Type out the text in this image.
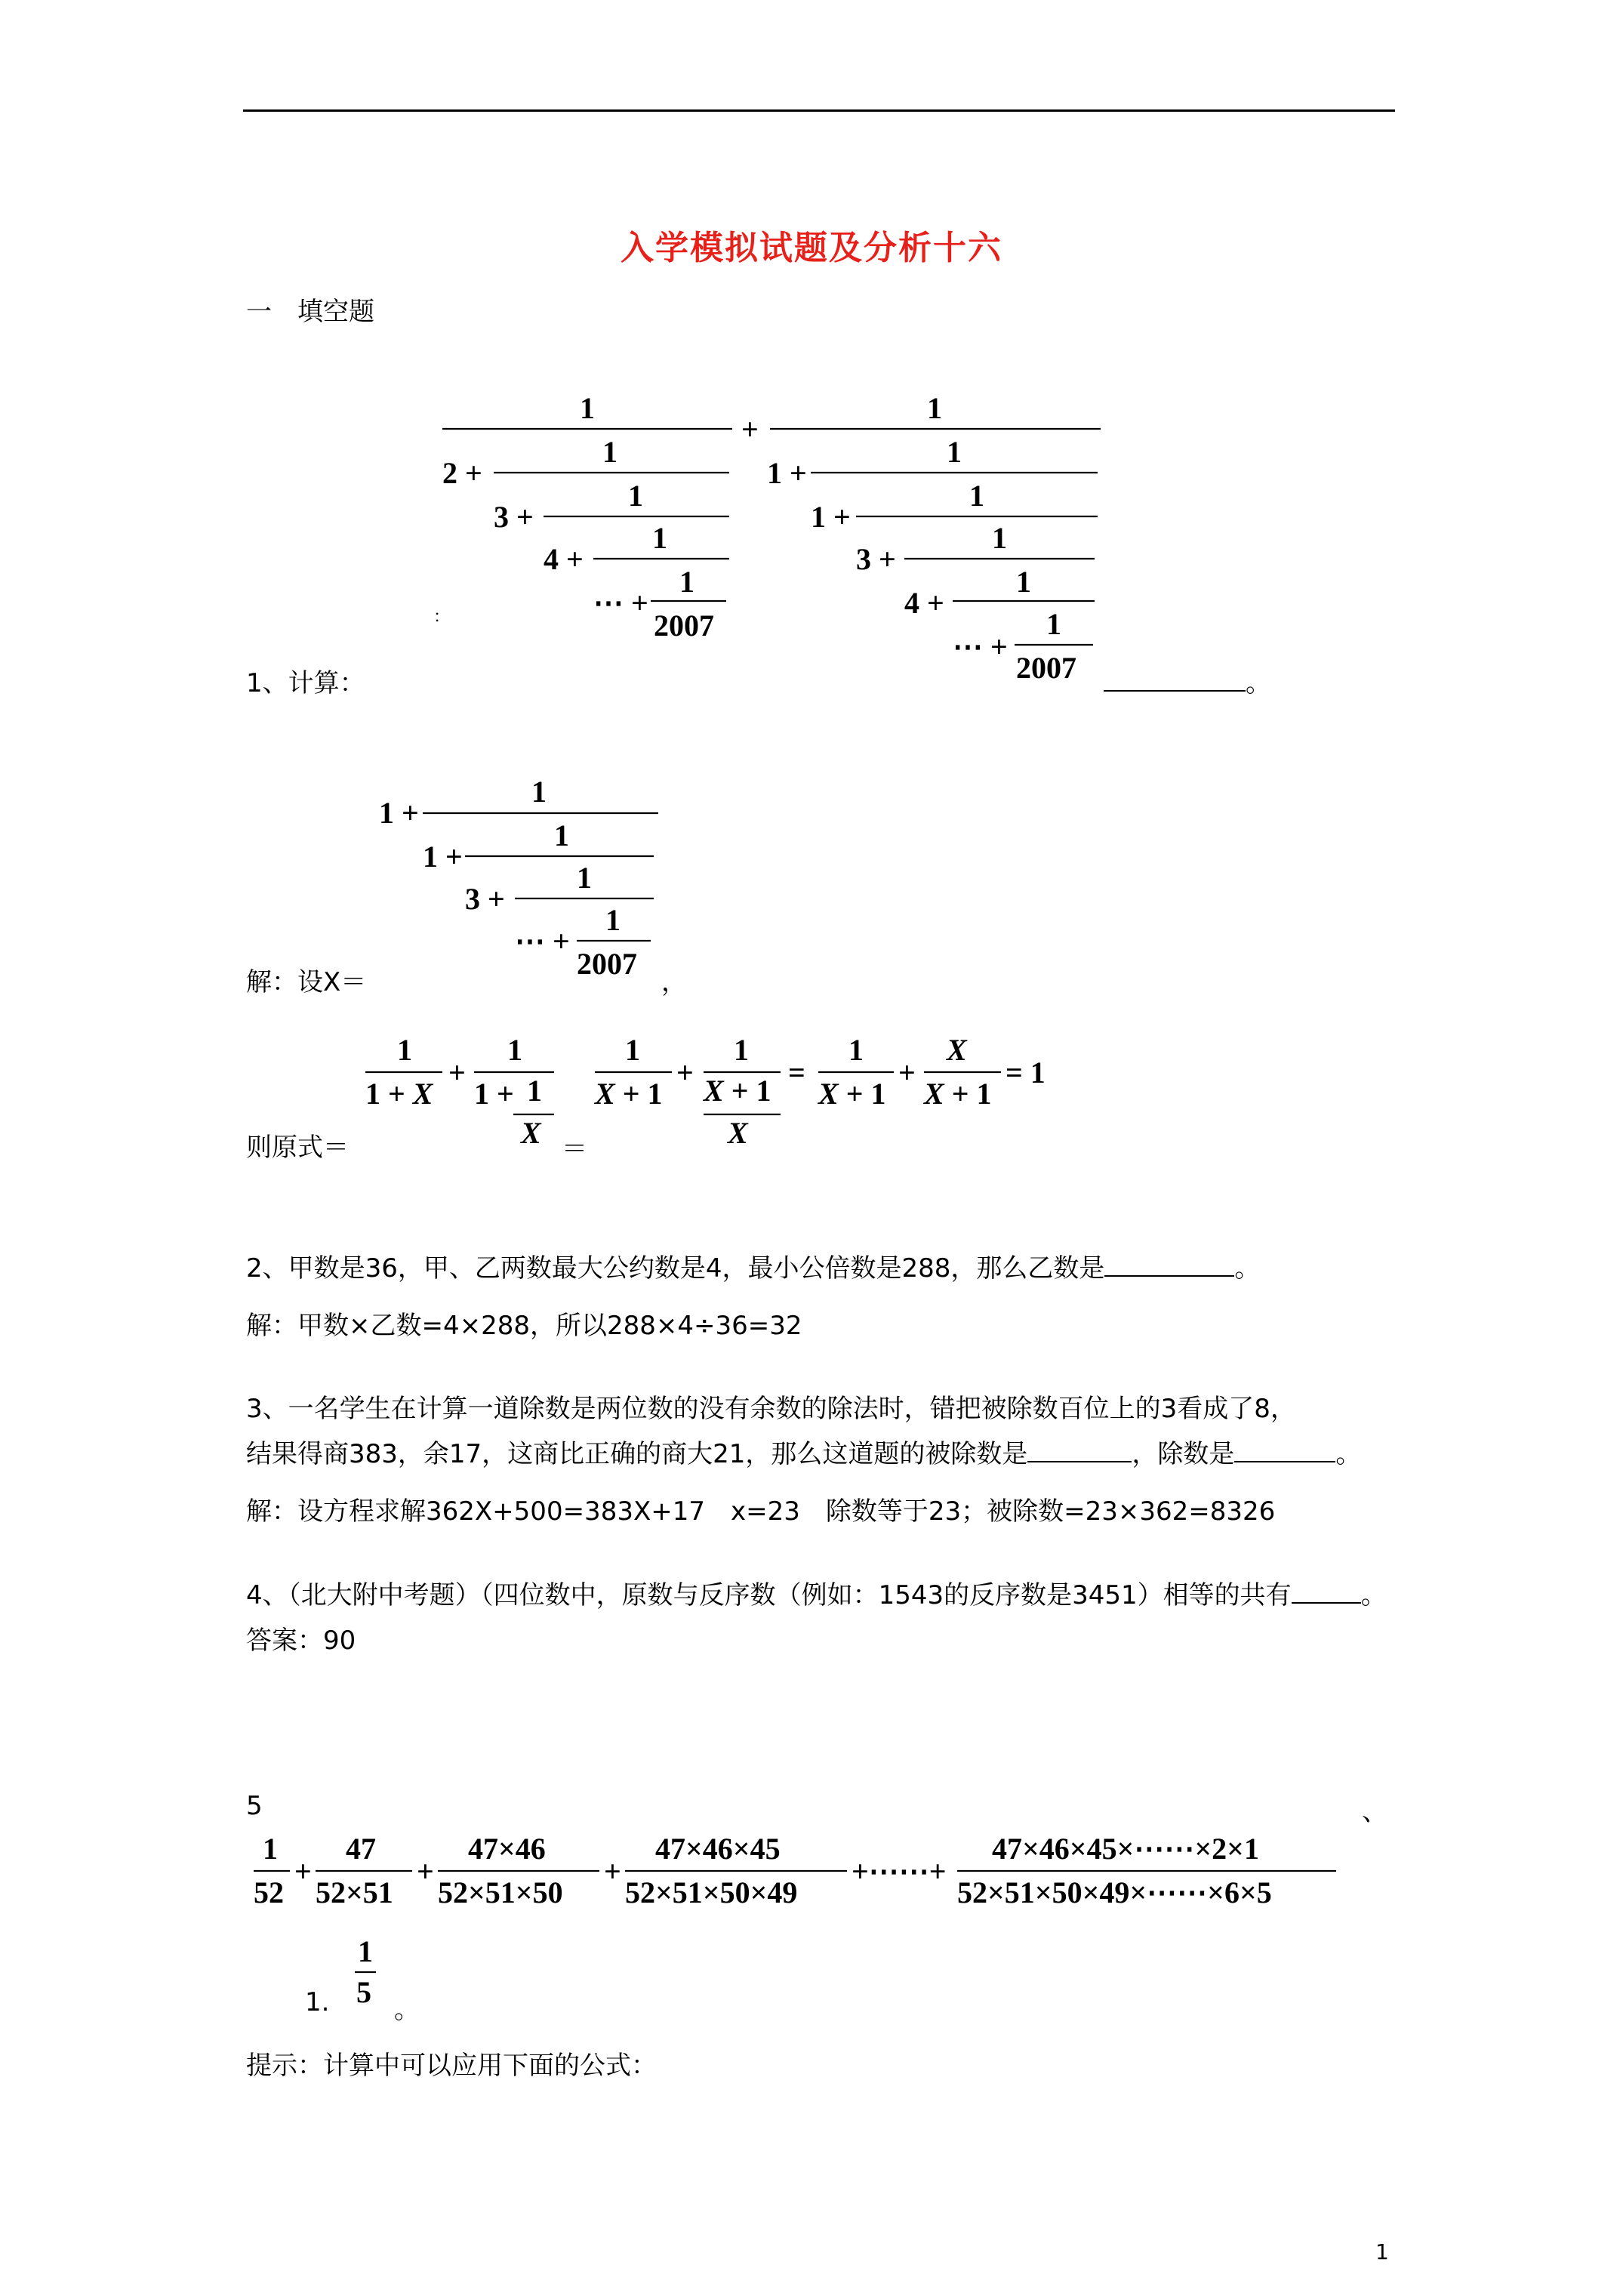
入学模拟试题及分析十六
一　填空题
1、计算：
：
。
解：设X＝	，
则原式＝	＝
2、甲数是36，甲、乙两数最大公约数是4，最小公倍数是288，那么乙数是	。
解：甲数×乙数=4×288，所以288×4÷36=32
3、一名学生在计算一道除数是两位数的没有余数的除法时，错把被除数百位上的3看成了8，
结果得商383，余17，这商比正确的商大21，那么这道题的被除数是	，除数是	。
解：设方程求解362X+500=383X+17　x=23　除数等于23；被除数=23×362=8326
4、（北大附中考题）（四位数中，原数与反序数（例如：1543的反序数是3451）相等的共有	。
答案：90
5	、
1.	。
提示：计算中可以应用下面的公式：
1
1
2 +
1
3 +
1
4 +
1
⋯ +
1
2007
+
1
1 +
1
1 +
1
3 +
1
4 +
1
⋯ +
1
2007
1 +
1
1 +
1
3 +
1
⋯ +
1
2007
1
1 + X
+
1
1 + 1
X
1
X + 1
+
1
X + 1
X
=
1
X + 1
+
X
X + 1
= 1
1
52
+
47
52×51
+
47×46
52×51×50
+
47×46×45
52×51×50×49
+⋯⋯+
47×46×45×⋯⋯×2×1
52×51×50×49×⋯⋯×6×5
1
5
